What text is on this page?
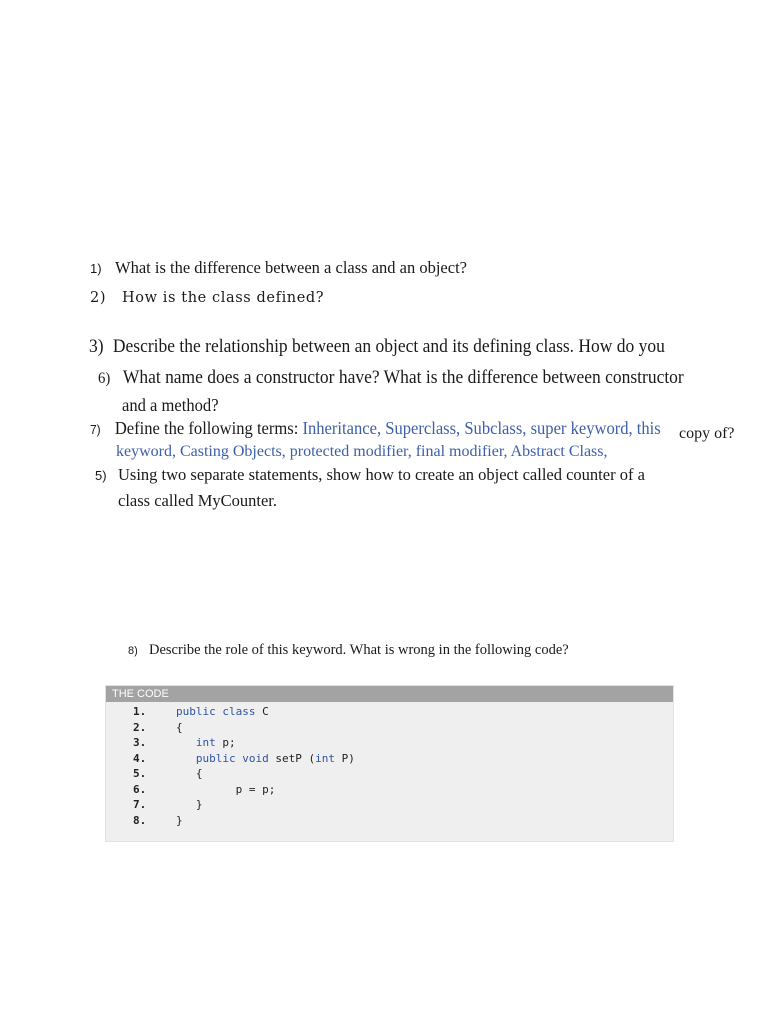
1) What is the difference between a class and an object?
2) How is the class defined?
3) Describe the relationship between an object and its defining class. How do you
6) What name does a constructor have? What is the difference between constructor
and a method?
7) Define the following terms: Inheritance, Superclass, Subclass, super keyword, this
keyword, Casting Objects, protected modifier, final modifier, Abstract Class,
copy of?
5) Using two separate statements, show how to create an object called counter of a
class called MyCounter.
8) Describe the role of this keyword. What is wrong in the following code?
THE CODE
1.	public class C
2.	{
3.	int p;
4.	public void setP (int P)
5.	{
6.	p = p;
7.	}
8.	}
